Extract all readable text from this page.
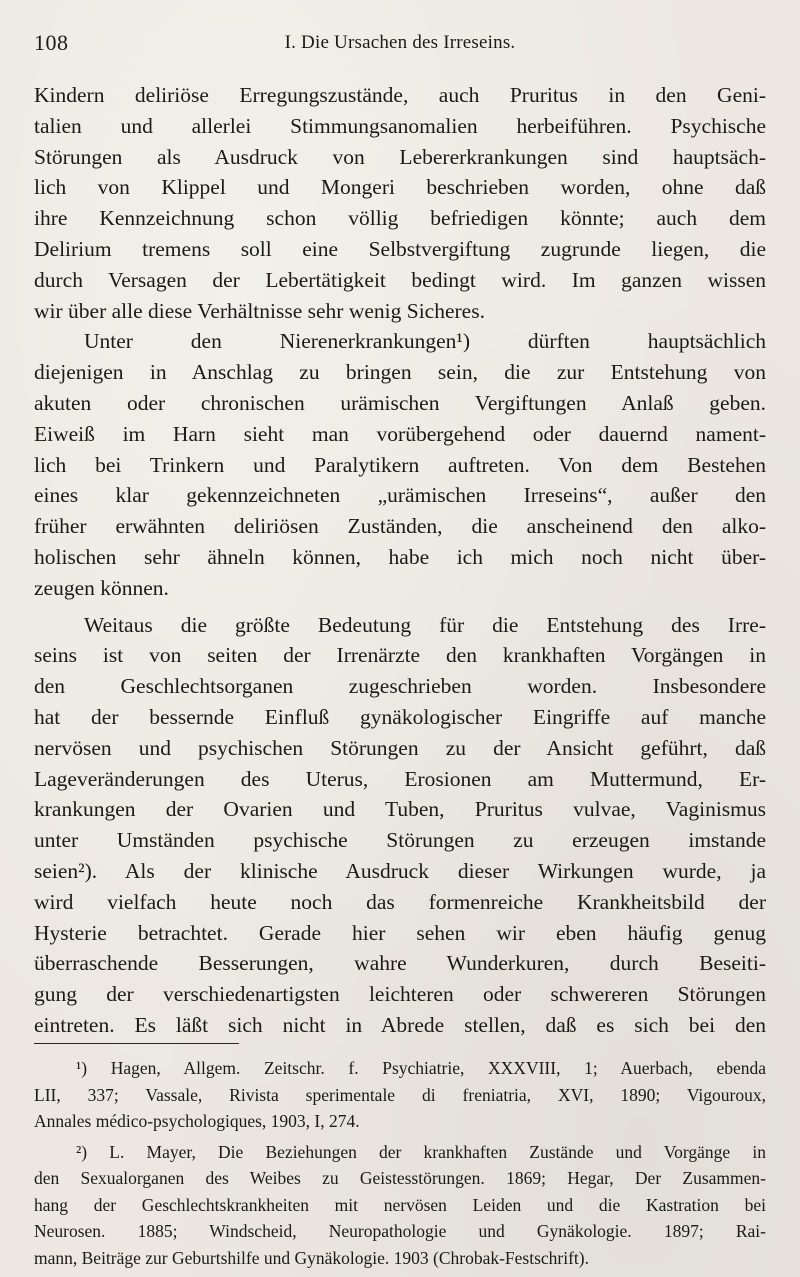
108	I. Die Ursachen des Irreseins.
Kindern deliriöse Erregungszustände, auch Pruritus in den Geni-
talien und allerlei Stimmungsanomalien herbeiführen. Psychische
Störungen als Ausdruck von Lebererkrankungen sind hauptsäch-
lich von Klippel und Mongeri beschrieben worden, ohne daß
ihre Kennzeichnung schon völlig befriedigen könnte; auch dem
Delirium tremens soll eine Selbstvergiftung zugrunde liegen, die
durch Versagen der Lebertätigkeit bedingt wird. Im ganzen wissen
wir über alle diese Verhältnisse sehr wenig Sicheres.
Unter den Nierenerkrankungen¹) dürften hauptsächlich
diejenigen in Anschlag zu bringen sein, die zur Entstehung von
akuten oder chronischen urämischen Vergiftungen Anlaß geben.
Eiweiß im Harn sieht man vorübergehend oder dauernd nament-
lich bei Trinkern und Paralytikern auftreten. Von dem Bestehen
eines klar gekennzeichneten „urämischen Irreseins“, außer den
früher erwähnten deliriösen Zuständen, die anscheinend den alko-
holischen sehr ähneln können, habe ich mich noch nicht über-
zeugen können.
Weitaus die größte Bedeutung für die Entstehung des Irre-
seins ist von seiten der Irrenärzte den krankhaften Vorgängen in
den Geschlechtsorganen zugeschrieben worden. Insbesondere
hat der bessernde Einfluß gynäkologischer Eingriffe auf manche
nervösen und psychischen Störungen zu der Ansicht geführt, daß
Lageveränderungen des Uterus, Erosionen am Muttermund, Er-
krankungen der Ovarien und Tuben, Pruritus vulvae, Vaginismus
unter Umständen psychische Störungen zu erzeugen imstande
seien²). Als der klinische Ausdruck dieser Wirkungen wurde, ja
wird vielfach heute noch das formenreiche Krankheitsbild der
Hysterie betrachtet. Gerade hier sehen wir eben häufig genug
überraschende Besserungen, wahre Wunderkuren, durch Beseiti-
gung der verschiedenartigsten leichteren oder schwereren Störungen
eintreten. Es läßt sich nicht in Abrede stellen, daß es sich bei den
¹) Hagen, Allgem. Zeitschr. f. Psychiatrie, XXXVIII, 1; Auerbach, ebenda
LII, 337; Vassale, Rivista sperimentale di freniatria, XVI, 1890; Vigouroux,
Annales médico-psychologiques, 1903, I, 274.
²) L. Mayer, Die Beziehungen der krankhaften Zustände und Vorgänge in
den Sexualorganen des Weibes zu Geistesstörungen. 1869; Hegar, Der Zusammen-
hang der Geschlechtskrankheiten mit nervösen Leiden und die Kastration bei
Neurosen. 1885; Windscheid, Neuropathologie und Gynäkologie. 1897; Rai-
mann, Beiträge zur Geburtshilfe und Gynäkologie. 1903 (Chrobak-Festschrift).
